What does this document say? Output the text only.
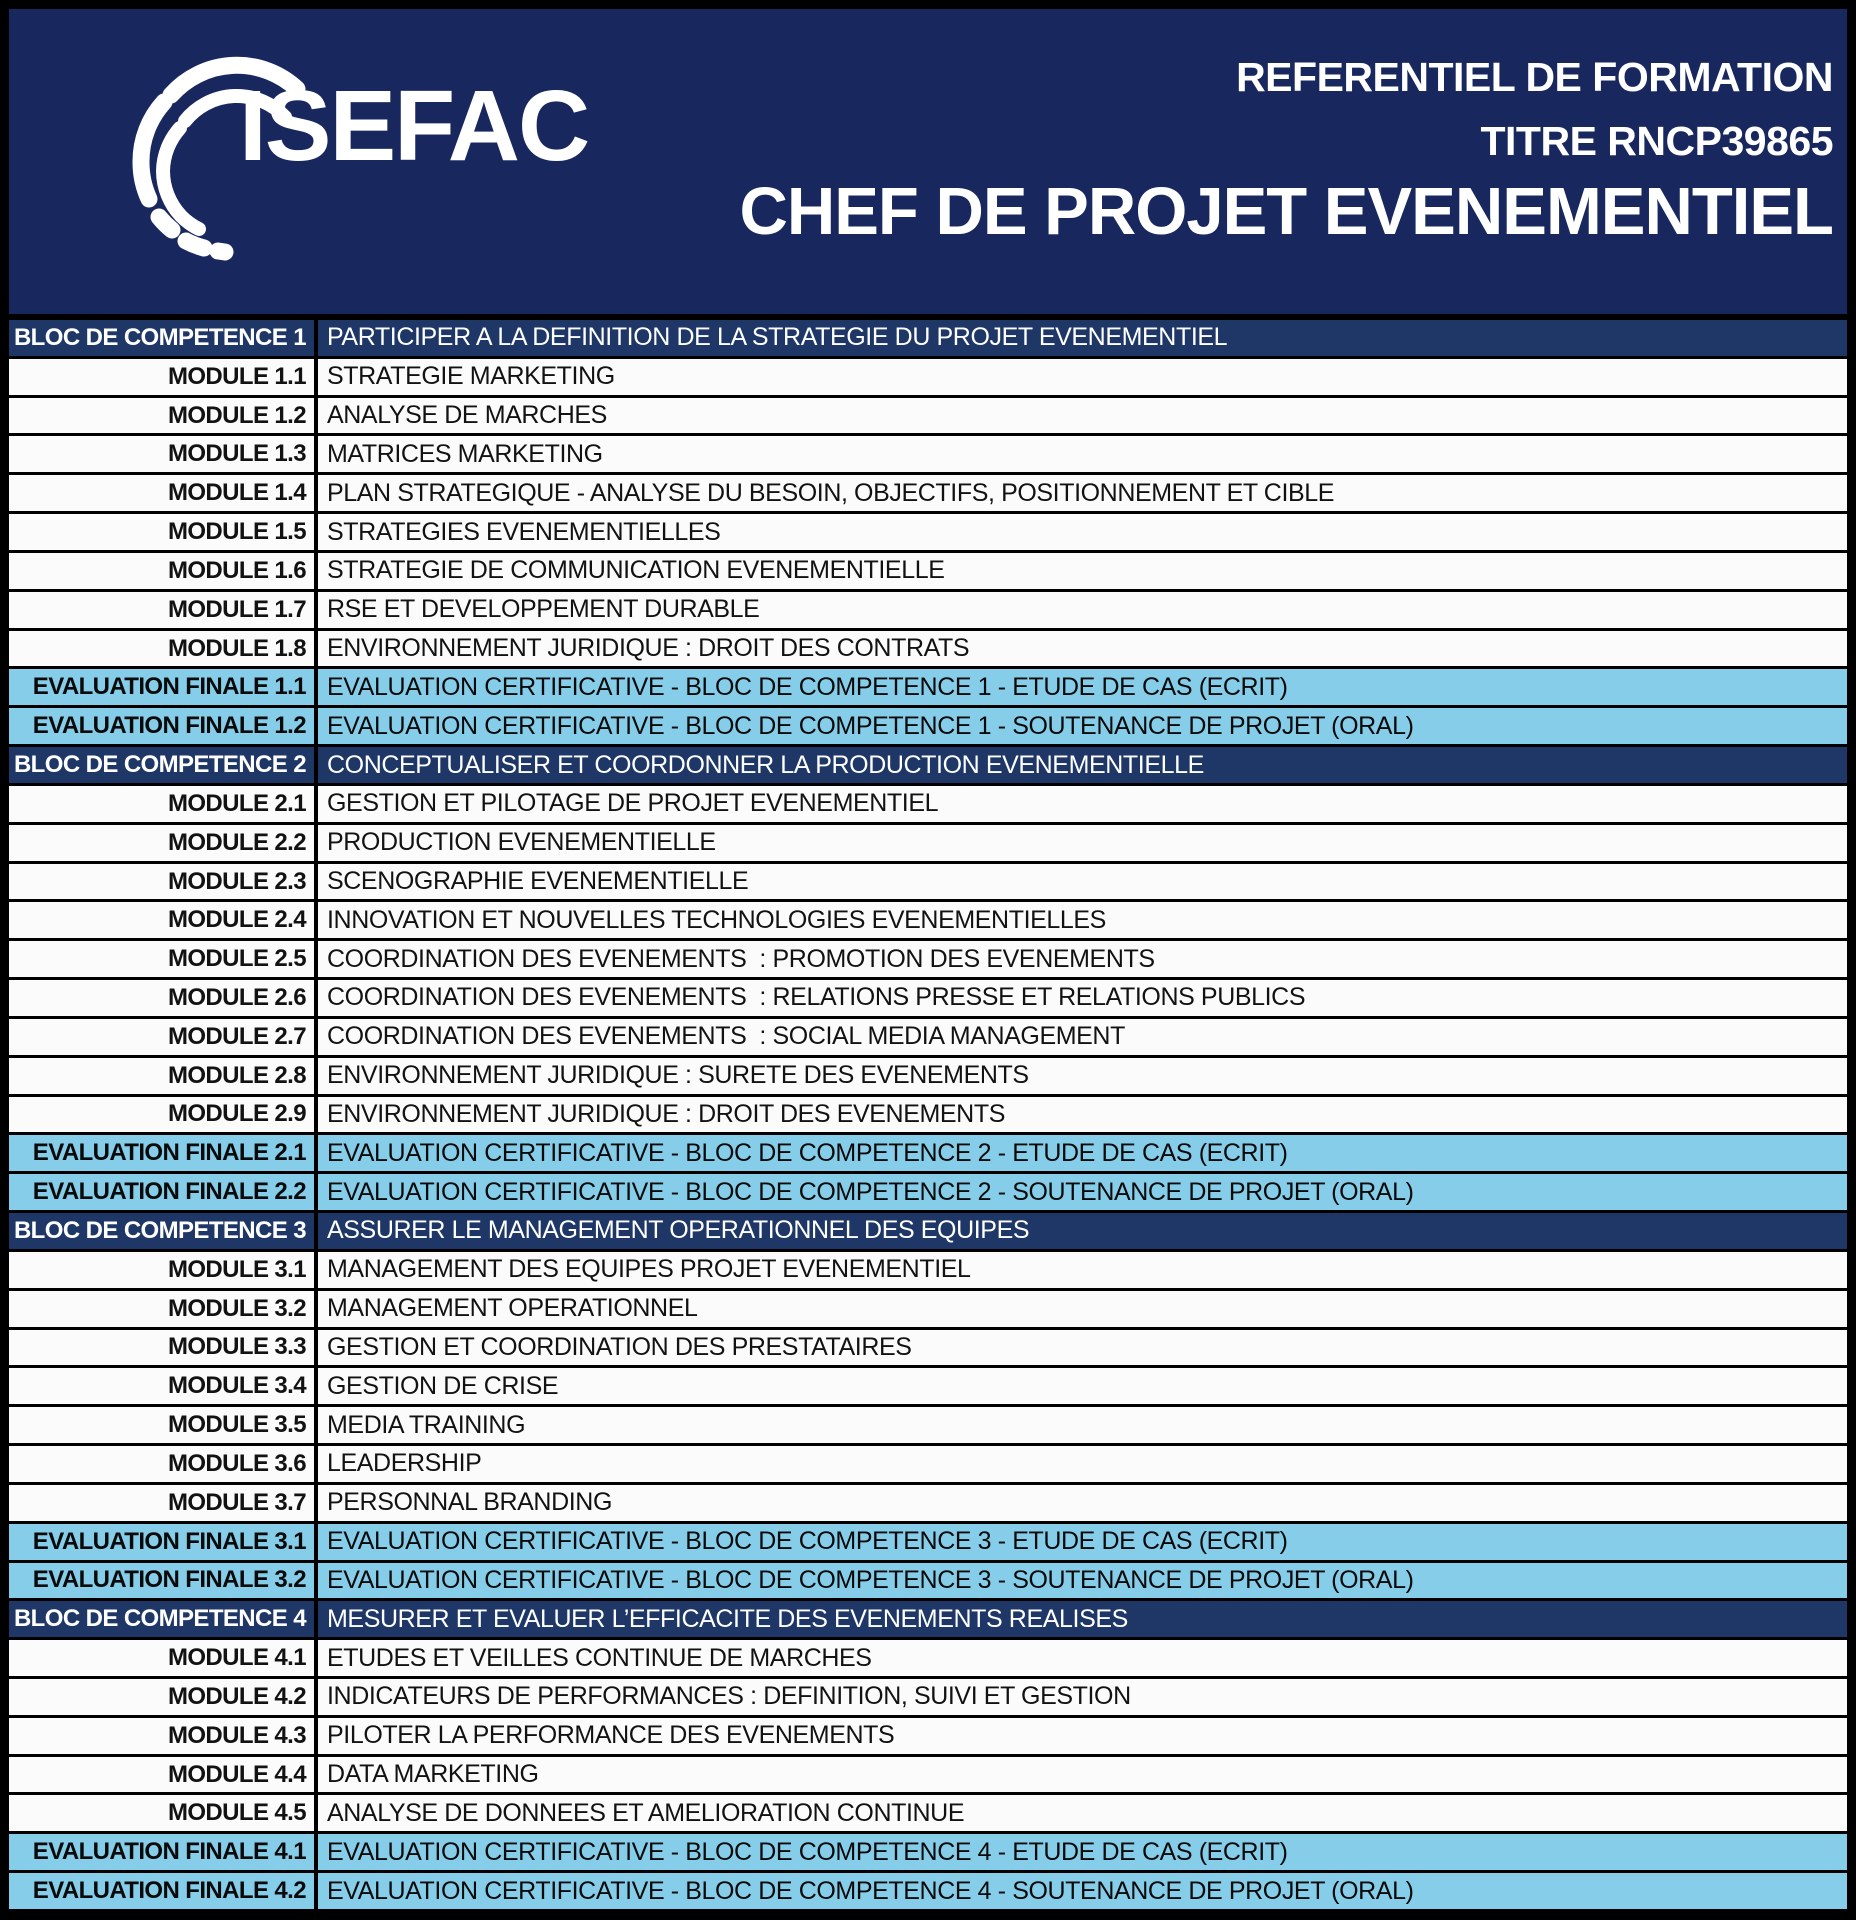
ISEFAC	REFERENTIEL DE FORMATION
TITRE RNCP39865
CHEF DE PROJET EVENEMENTIEL
BLOC DE COMPETENCE 1 PARTICIPER A LA DEFINITION DE LA STRATEGIE DU PROJET EVENEMENTIEL
MODULE 1.1 STRATEGIE MARKETING
MODULE 1.2 ANALYSE DE MARCHES
MODULE 1.3 MATRICES MARKETING
MODULE 1.4 PLAN STRATEGIQUE - ANALYSE DU BESOIN, OBJECTIFS, POSITIONNEMENT ET CIBLE
MODULE 1.5 STRATEGIES EVENEMENTIELLES
MODULE 1.6 STRATEGIE DE COMMUNICATION EVENEMENTIELLE
MODULE 1.7 RSE ET DEVELOPPEMENT DURABLE
MODULE 1.8 ENVIRONNEMENT JURIDIQUE : DROIT DES CONTRATS
EVALUATION FINALE 1.1 EVALUATION CERTIFICATIVE - BLOC DE COMPETENCE 1 - ETUDE DE CAS (ECRIT)
EVALUATION FINALE 1.2 EVALUATION CERTIFICATIVE - BLOC DE COMPETENCE 1 - SOUTENANCE DE PROJET (ORAL)
BLOC DE COMPETENCE 2 CONCEPTUALISER ET COORDONNER LA PRODUCTION EVENEMENTIELLE
MODULE 2.1 GESTION ET PILOTAGE DE PROJET EVENEMENTIEL
MODULE 2.2 PRODUCTION EVENEMENTIELLE
MODULE 2.3 SCENOGRAPHIE EVENEMENTIELLE
MODULE 2.4 INNOVATION ET NOUVELLES TECHNOLOGIES EVENEMENTIELLES
MODULE 2.5 COORDINATION DES EVENEMENTS  : PROMOTION DES EVENEMENTS
MODULE 2.6 COORDINATION DES EVENEMENTS  : RELATIONS PRESSE ET RELATIONS PUBLICS
MODULE 2.7 COORDINATION DES EVENEMENTS  : SOCIAL MEDIA MANAGEMENT
MODULE 2.8 ENVIRONNEMENT JURIDIQUE : SURETE DES EVENEMENTS
MODULE 2.9 ENVIRONNEMENT JURIDIQUE : DROIT DES EVENEMENTS
EVALUATION FINALE 2.1 EVALUATION CERTIFICATIVE - BLOC DE COMPETENCE 2 - ETUDE DE CAS (ECRIT)
EVALUATION FINALE 2.2 EVALUATION CERTIFICATIVE - BLOC DE COMPETENCE 2 - SOUTENANCE DE PROJET (ORAL)
BLOC DE COMPETENCE 3 ASSURER LE MANAGEMENT OPERATIONNEL DES EQUIPES
MODULE 3.1 MANAGEMENT DES EQUIPES PROJET EVENEMENTIEL
MODULE 3.2 MANAGEMENT OPERATIONNEL
MODULE 3.3 GESTION ET COORDINATION DES PRESTATAIRES
MODULE 3.4 GESTION DE CRISE
MODULE 3.5 MEDIA TRAINING
MODULE 3.6 LEADERSHIP
MODULE 3.7 PERSONNAL BRANDING
EVALUATION FINALE 3.1 EVALUATION CERTIFICATIVE - BLOC DE COMPETENCE 3 - ETUDE DE CAS (ECRIT)
EVALUATION FINALE 3.2 EVALUATION CERTIFICATIVE - BLOC DE COMPETENCE 3 - SOUTENANCE DE PROJET (ORAL)
BLOC DE COMPETENCE 4 MESURER ET EVALUER L’EFFICACITE DES EVENEMENTS REALISES
MODULE 4.1 ETUDES ET VEILLES CONTINUE DE MARCHES
MODULE 4.2 INDICATEURS DE PERFORMANCES : DEFINITION, SUIVI ET GESTION
MODULE 4.3 PILOTER LA PERFORMANCE DES EVENEMENTS
MODULE 4.4 DATA MARKETING
MODULE 4.5 ANALYSE DE DONNEES ET AMELIORATION CONTINUE
EVALUATION FINALE 4.1 EVALUATION CERTIFICATIVE - BLOC DE COMPETENCE 4 - ETUDE DE CAS (ECRIT)
EVALUATION FINALE 4.2 EVALUATION CERTIFICATIVE - BLOC DE COMPETENCE 4 - SOUTENANCE DE PROJET (ORAL)
